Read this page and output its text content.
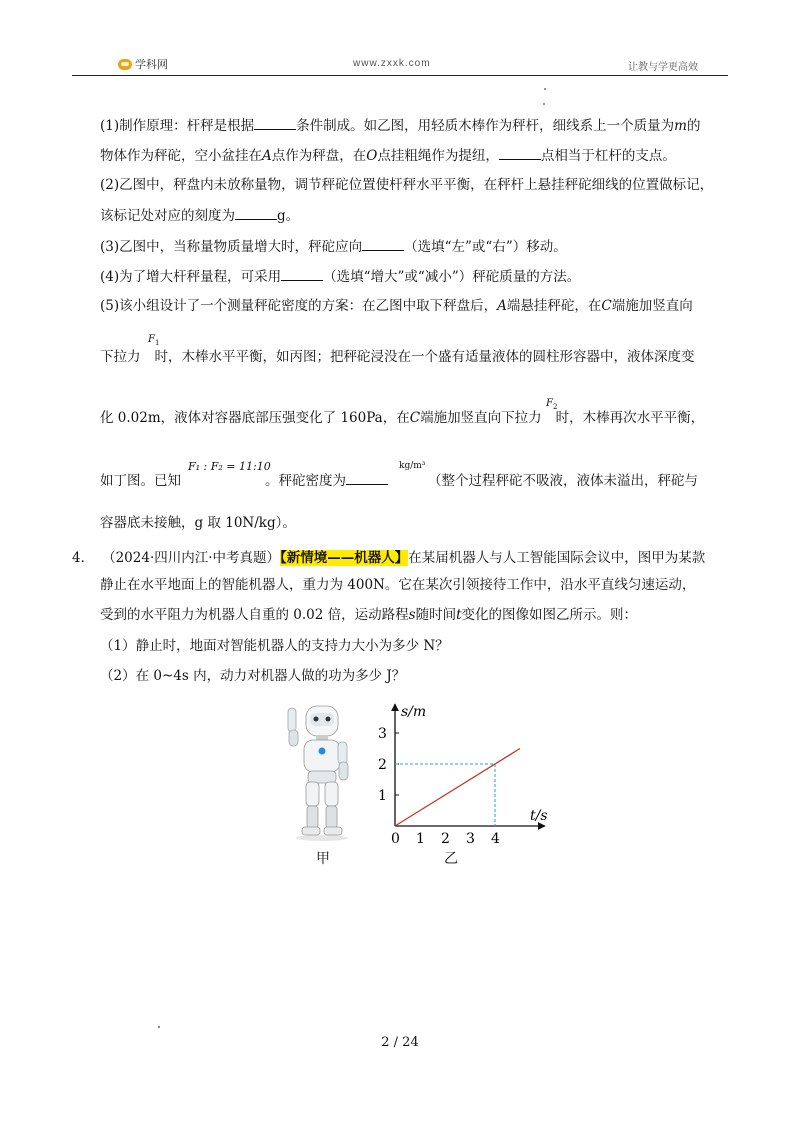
学科网	www.zxxk.com	让教与学更高效
(1)制作原理：杆秤是根据	条件制成。如乙图，用轻质木棒作为秤杆，细线系上一个质量为m的
物体作为秤砣，空小盆挂在A点作为秤盘，在O点挂粗绳作为提纽，	点相当于杠杆的支点。
(2)乙图中，秤盘内未放称量物，调节秤砣位置使杆秤水平平衡，在秤杆上悬挂秤砣细线的位置做标记，
该标记处对应的刻度为	g。
(3)乙图中，当称量物质量增大时，秤砣应向	（选填“左”或“右”）移动。
(4)为了增大杆秤量程，可采用	（选填“增大”或“减小”）秤砣质量的方法。
(5)该小组设计了一个测量秤砣密度的方案：在乙图中取下秤盘后，A端悬挂秤砣，在C端施加竖直向
下拉力 时，木棒水平平衡，如丙图；把秤砣浸没在一个盛有适量液体的圆柱形容器中，液体深度变
$F_1$
化 0.02m，液体对容器底部压强变化了 160Pa，在C端施加竖直向下拉力 时，木棒再次水平平衡，
$F_2$
如丁图。已知	。秤砣密度为	（整个过程秤砣不吸液，液体未溢出，秤砣与
F₁ : F₂ = 11:10	kg/m³
容器底未接触，g 取 10N/kg）。
4． （2024·四川内江·中考真题）【新情境——机器人】在某届机器人与人工智能国际会议中，图甲为某款
静止在水平地面上的智能机器人，重力为 400N。它在某次引领接待工作中，沿水平直线匀速运动，
受到的水平阻力为机器人自重的 0.02 倍，运动路程s随时间t变化的图像如图乙所示。则：
（1）静止时，地面对智能机器人的支持力大小为多少 N？
（2）在 0~4s 内，动力对机器人做的功为多少 J？
甲
0 1 2 3 4
1
2
3
s/m
t/s
乙
2 / 24
